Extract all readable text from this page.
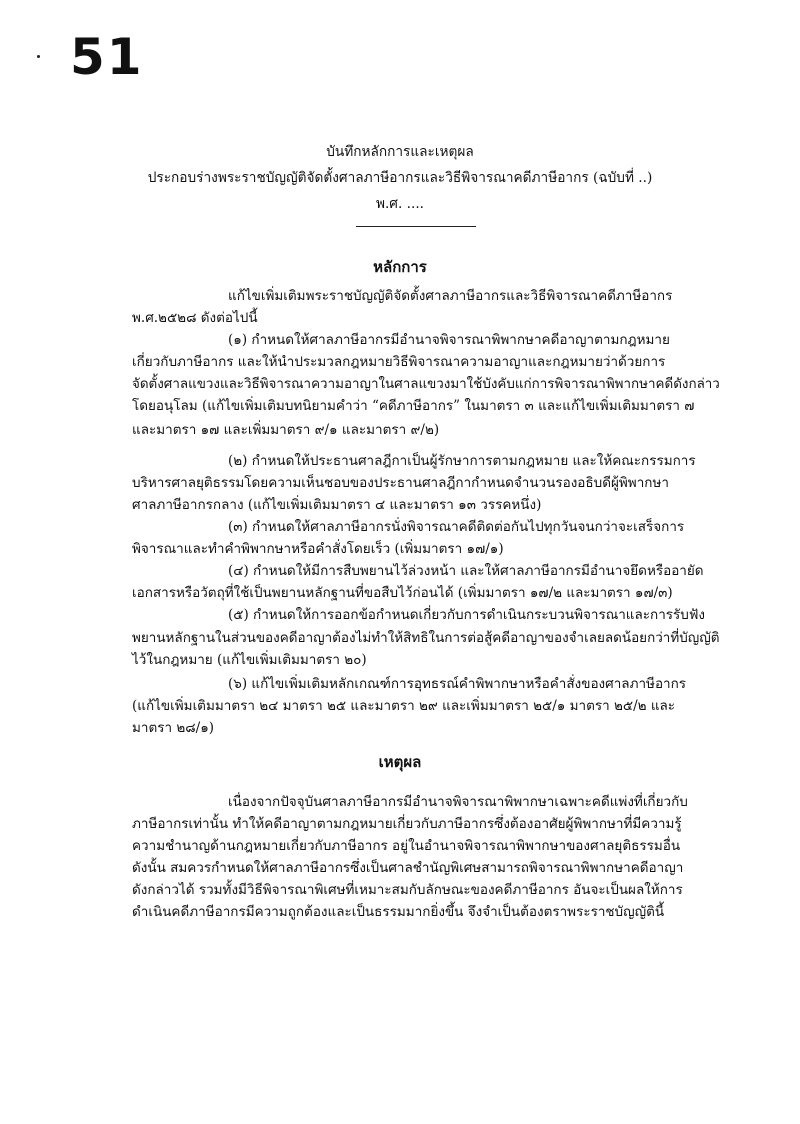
51
บันทึกหลักการและเหตุผล
ประกอบร่างพระราชบัญญัติจัดตั้งศาลภาษีอากรและวิธีพิจารณาคดีภาษีอากร (ฉบับที่ ..)
พ.ศ. ....
หลักการ
แก้ไขเพิ่มเติมพระราชบัญญัติจัดตั้งศาลภาษีอากรและวิธีพิจารณาคดีภาษีอากร
พ.ศ.๒๕๒๘ ดังต่อไปนี้
(๑) กำหนดให้ศาลภาษีอากรมีอำนาจพิจารณาพิพากษาคดีอาญาตามกฎหมาย
เกี่ยวกับภาษีอากร และให้นำประมวลกฎหมายวิธีพิจารณาความอาญาและกฎหมายว่าด้วยการ
จัดตั้งศาลแขวงและวิธีพิจารณาความอาญาในศาลแขวงมาใช้บังคับแก่การพิจารณาพิพากษาคดีดังกล่าว
โดยอนุโลม (แก้ไขเพิ่มเติมบทนิยามคำว่า “คดีภาษีอากร” ในมาตรา ๓ และแก้ไขเพิ่มเติมมาตรา ๗
และมาตรา ๑๗ และเพิ่มมาตรา ๙/๑ และมาตรา ๙/๒)
(๒) กำหนดให้ประธานศาลฎีกาเป็นผู้รักษาการตามกฎหมาย และให้คณะกรรมการ
บริหารศาลยุติธรรมโดยความเห็นชอบของประธานศาลฎีกากำหนดจำนวนรองอธิบดีผู้พิพากษา
ศาลภาษีอากรกลาง (แก้ไขเพิ่มเติมมาตรา ๔ และมาตรา ๑๓ วรรคหนึ่ง)
(๓) กำหนดให้ศาลภาษีอากรนั่งพิจารณาคดีติดต่อกันไปทุกวันจนกว่าจะเสร็จการ
พิจารณาและทำคำพิพากษาหรือคำสั่งโดยเร็ว (เพิ่มมาตรา ๑๗/๑)
(๔) กำหนดให้มีการสืบพยานไว้ล่วงหน้า และให้ศาลภาษีอากรมีอำนาจยึดหรืออายัด
เอกสารหรือวัตถุที่ใช้เป็นพยานหลักฐานที่ขอสืบไว้ก่อนได้ (เพิ่มมาตรา ๑๗/๒ และมาตรา ๑๗/๓)
(๕) กำหนดให้การออกข้อกำหนดเกี่ยวกับการดำเนินกระบวนพิจารณาและการรับฟัง
พยานหลักฐานในส่วนของคดีอาญาต้องไม่ทำให้สิทธิในการต่อสู้คดีอาญาของจำเลยลดน้อยกว่าที่บัญญัติ
ไว้ในกฎหมาย (แก้ไขเพิ่มเติมมาตรา ๒๐)
(๖) แก้ไขเพิ่มเติมหลักเกณฑ์การอุทธรณ์คำพิพากษาหรือคำสั่งของศาลภาษีอากร
(แก้ไขเพิ่มเติมมาตรา ๒๔ มาตรา ๒๕ และมาตรา ๒๙ และเพิ่มมาตรา ๒๕/๑ มาตรา ๒๕/๒ และ
มาตรา ๒๘/๑)
เหตุผล
เนื่องจากปัจจุบันศาลภาษีอากรมีอำนาจพิจารณาพิพากษาเฉพาะคดีแพ่งที่เกี่ยวกับ
ภาษีอากรเท่านั้น ทำให้คดีอาญาตามกฎหมายเกี่ยวกับภาษีอากรซึ่งต้องอาศัยผู้พิพากษาที่มีความรู้
ความชำนาญด้านกฎหมายเกี่ยวกับภาษีอากร อยู่ในอำนาจพิจารณาพิพากษาของศาลยุติธรรมอื่น
ดังนั้น สมควรกำหนดให้ศาลภาษีอากรซึ่งเป็นศาลชำนัญพิเศษสามารถพิจารณาพิพากษาคดีอาญา
ดังกล่าวได้ รวมทั้งมีวิธีพิจารณาพิเศษที่เหมาะสมกับลักษณะของคดีภาษีอากร อันจะเป็นผลให้การ
ดำเนินคดีภาษีอากรมีความถูกต้องและเป็นธรรมมากยิ่งขึ้น จึงจำเป็นต้องตราพระราชบัญญัตินี้
